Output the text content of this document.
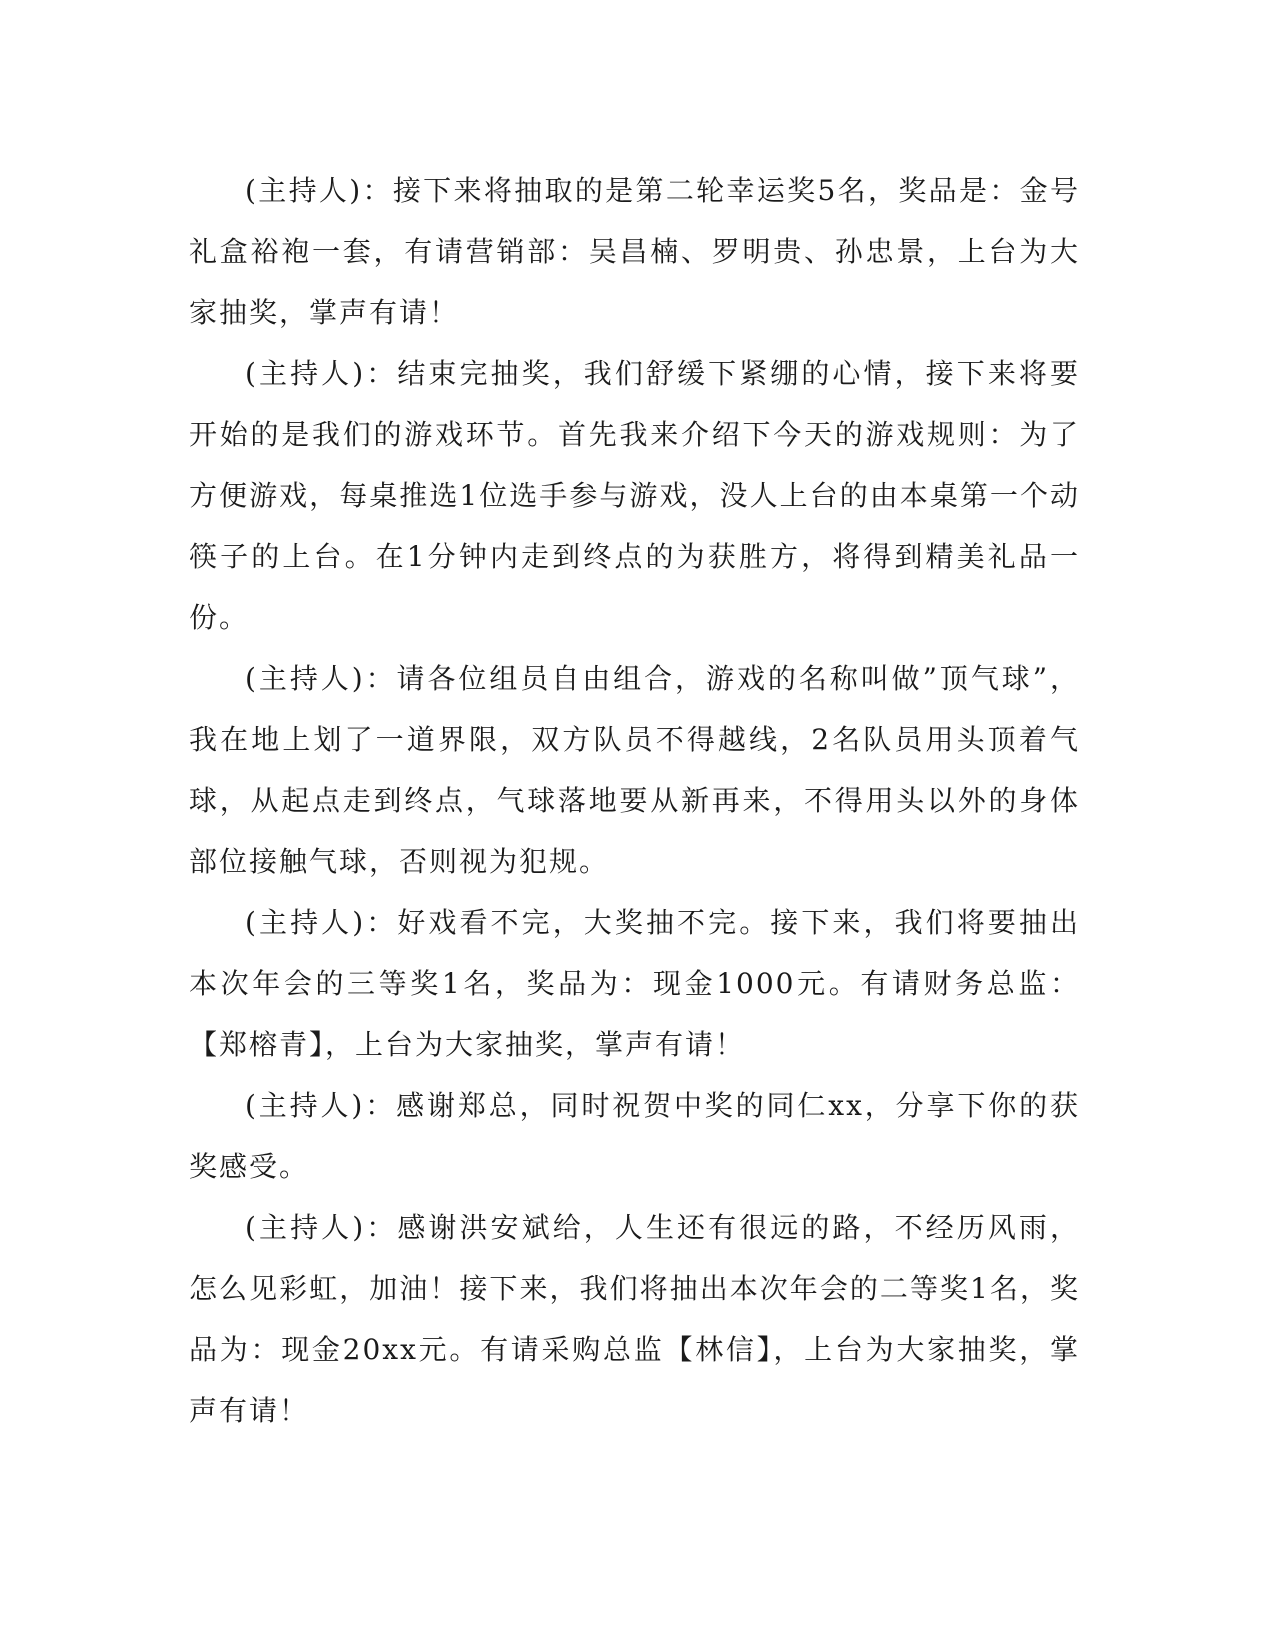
(主持人)：接下来将抽取的是第二轮幸运奖5名，奖品是：金号礼盒裕袍一套，有请营销部：吴昌楠、罗明贵、孙忠景，上台为大家抽奖，掌声有请！

(主持人)：结束完抽奖，我们舒缓下紧绷的心情，接下来将要开始的是我们的游戏环节。首先我来介绍下今天的游戏规则：为了方便游戏，每桌推选1位选手参与游戏，没人上台的由本桌第一个动筷子的上台。在1分钟内走到终点的为获胜方，将得到精美礼品一份。

(主持人)：请各位组员自由组合，游戏的名称叫做”顶气球”，我在地上划了一道界限，双方队员不得越线，2名队员用头顶着气球，从起点走到终点，气球落地要从新再来，不得用头以外的身体部位接触气球，否则视为犯规。

(主持人)：好戏看不完，大奖抽不完。接下来，我们将要抽出本次年会的三等奖1名，奖品为：现金1000元。有请财务总监：【郑榕青】，上台为大家抽奖，掌声有请！

(主持人)：感谢郑总，同时祝贺中奖的同仁xx，分享下你的获奖感受。

(主持人)：感谢洪安斌给，人生还有很远的路，不经历风雨，怎么见彩虹，加油！接下来，我们将抽出本次年会的二等奖1名，奖品为：现金20xx元。有请采购总监【林信】，上台为大家抽奖，掌声有请！
